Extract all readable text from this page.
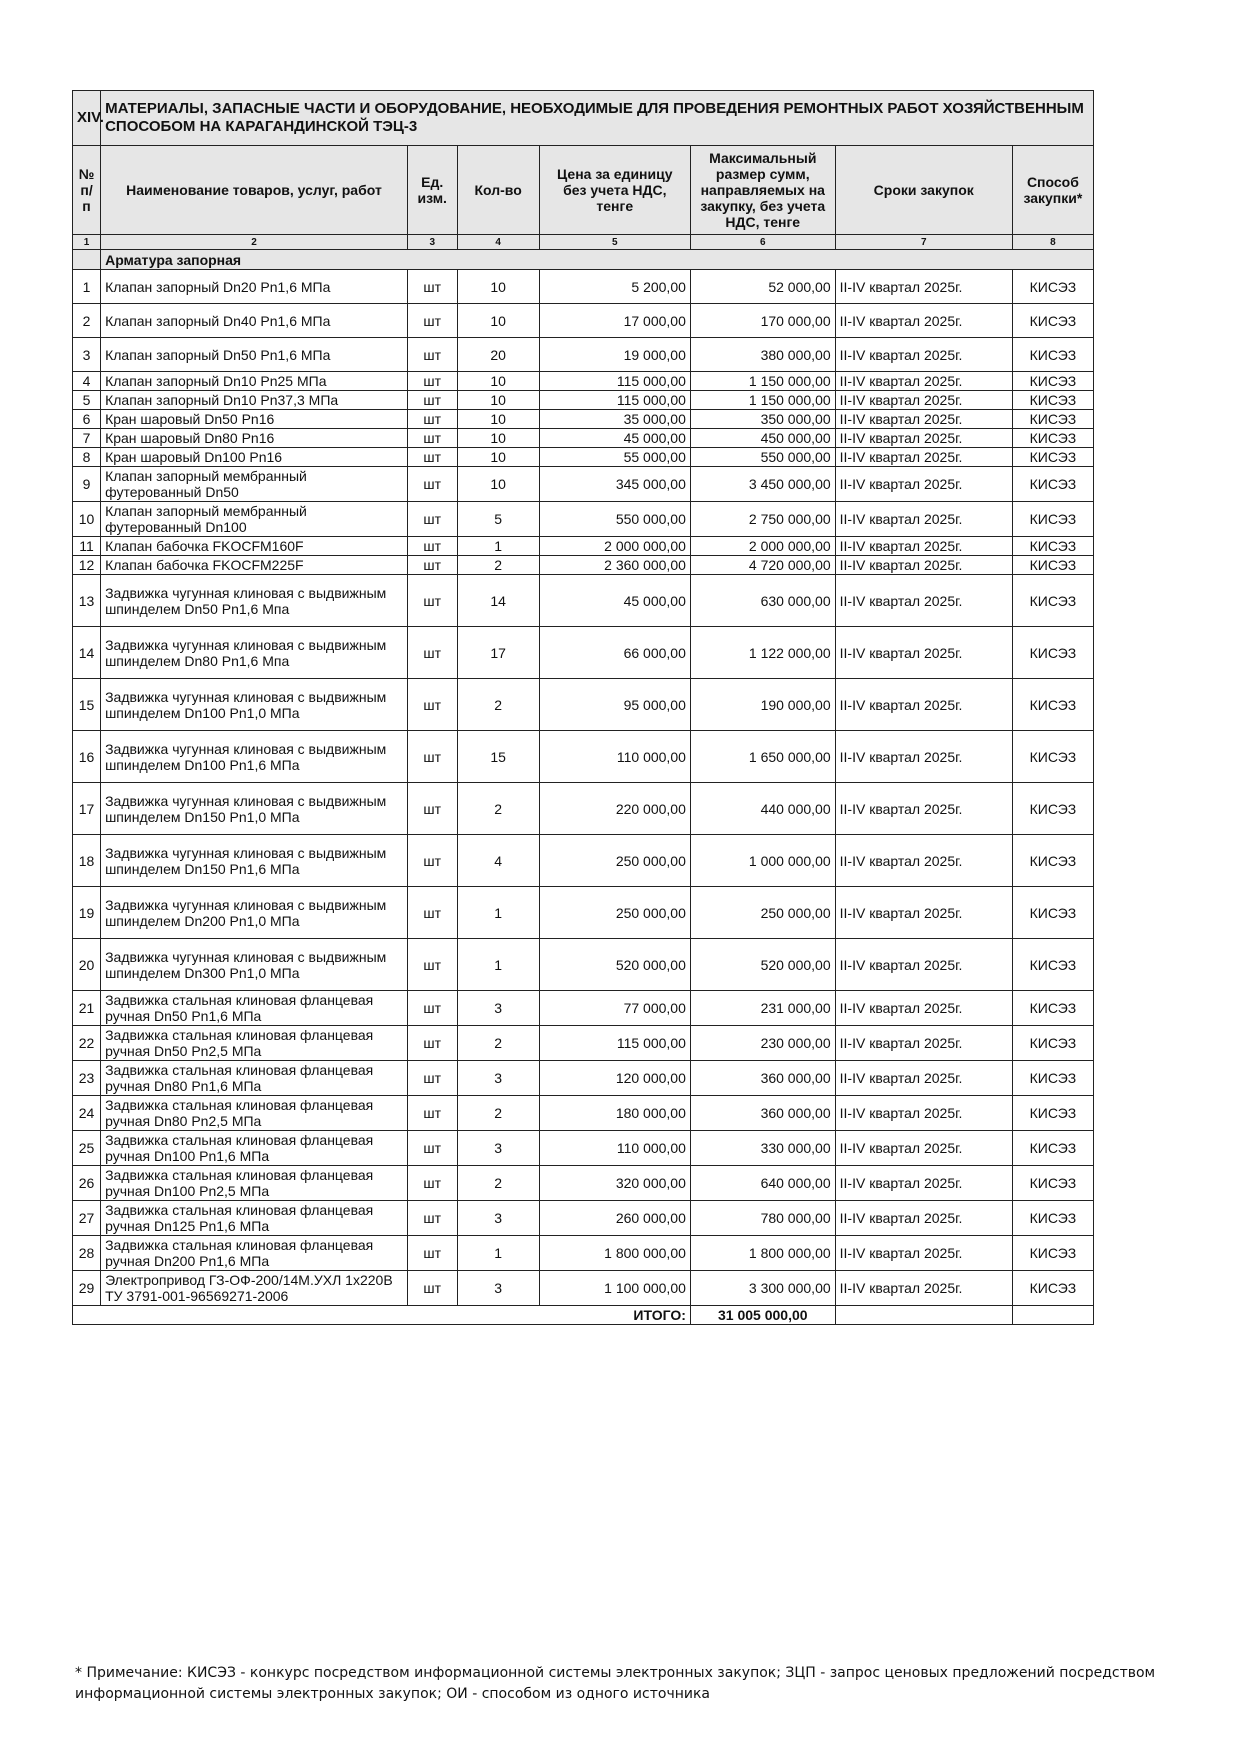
XIV.	МАТЕРИАЛЫ, ЗАПАСНЫЕ ЧАСТИ И ОБОРУДОВАНИЕ, НЕОБХОДИМЫЕ ДЛЯ ПРОВЕДЕНИЯ РЕМОНТНЫХ РАБОТ ХОЗЯЙСТВЕННЫМ СПОСОБОМ НА КАРАГАНДИНСКОЙ ТЭЦ-3						
№ п/п	Наименование товаров, услуг, работ	Ед. изм.	Кол-во	Цена за единицу без учета НДС, тенге	Максимальный размер сумм, направляемых на закупку, без учета НДС, тенге	Сроки закупок	Способ закупки*
1	2	3	4	5	6	7	8
	Арматура запорная						
1	Клапан запорный Dn20 Рn1,6 МПа	шт	10	5 200,00	52 000,00	II-IV квартал 2025г.	КИСЭЗ
2	Клапан запорный Dn40 Рn1,6 МПа	шт	10	17 000,00	170 000,00	II-IV квартал 2025г.	КИСЭЗ
3	Клапан запорный Dn50 Рn1,6 МПа	шт	20	19 000,00	380 000,00	II-IV квартал 2025г.	КИСЭЗ
4	Клапан запорный Dn10 Рn25 МПа	шт	10	115 000,00	1 150 000,00	II-IV квартал 2025г.	КИСЭЗ
5	Клапан запорный Dn10 Рn37,3 МПа	шт	10	115 000,00	1 150 000,00	II-IV квартал 2025г.	КИСЭЗ
6	Кран шаровый Dn50 Рn16	шт	10	35 000,00	350 000,00	II-IV квартал 2025г.	КИСЭЗ
7	Кран шаровый Dn80 Рn16	шт	10	45 000,00	450 000,00	II-IV квартал 2025г.	КИСЭЗ
8	Кран шаровый Dn100 Рn16	шт	10	55 000,00	550 000,00	II-IV квартал 2025г.	КИСЭЗ
9	Клапан запорный мембранный футерованный Dn50	шт	10	345 000,00	3 450 000,00	II-IV квартал 2025г.	КИСЭЗ
10	Клапан запорный мембранный футерованный Dn100	шт	5	550 000,00	2 750 000,00	II-IV квартал 2025г.	КИСЭЗ
11	Клапан бабочка FKOCFM160F	шт	1	2 000 000,00	2 000 000,00	II-IV квартал 2025г.	КИСЭЗ
12	Клапан бабочка FKOCFM225F	шт	2	2 360 000,00	4 720 000,00	II-IV квартал 2025г.	КИСЭЗ
13	Задвижка чугунная клиновая с выдвижным шпинделем Dn50 Рn1,6 Мпа	шт	14	45 000,00	630 000,00	II-IV квартал 2025г.	КИСЭЗ
14	Задвижка чугунная клиновая с выдвижным шпинделем Dn80 Рn1,6 Мпа	шт	17	66 000,00	1 122 000,00	II-IV квартал 2025г.	КИСЭЗ
15	Задвижка чугунная клиновая с выдвижным шпинделем Dn100 Рn1,0 МПа	шт	2	95 000,00	190 000,00	II-IV квартал 2025г.	КИСЭЗ
16	Задвижка чугунная клиновая с выдвижным шпинделем Dn100 Рn1,6 МПа	шт	15	110 000,00	1 650 000,00	II-IV квартал 2025г.	КИСЭЗ
17	Задвижка чугунная клиновая с выдвижным шпинделем Dn150 Рn1,0 МПа	шт	2	220 000,00	440 000,00	II-IV квартал 2025г.	КИСЭЗ
18	Задвижка чугунная клиновая с выдвижным шпинделем Dn150 Рn1,6 МПа	шт	4	250 000,00	1 000 000,00	II-IV квартал 2025г.	КИСЭЗ
19	Задвижка чугунная клиновая с выдвижным шпинделем Dn200 Рn1,0 МПа	шт	1	250 000,00	250 000,00	II-IV квартал 2025г.	КИСЭЗ
20	Задвижка чугунная клиновая с выдвижным шпинделем Dn300 Рn1,0 МПа	шт	1	520 000,00	520 000,00	II-IV квартал 2025г.	КИСЭЗ
21	Задвижка стальная клиновая фланцевая ручная Dn50 Рn1,6 МПа	шт	3	77 000,00	231 000,00	II-IV квартал 2025г.	КИСЭЗ
22	Задвижка стальная клиновая фланцевая ручная Dn50 Рn2,5 МПа	шт	2	115 000,00	230 000,00	II-IV квартал 2025г.	КИСЭЗ
23	Задвижка стальная клиновая фланцевая ручная Dn80 Рn1,6 МПа	шт	3	120 000,00	360 000,00	II-IV квартал 2025г.	КИСЭЗ
24	Задвижка стальная клиновая фланцевая ручная Dn80 Рn2,5 МПа	шт	2	180 000,00	360 000,00	II-IV квартал 2025г.	КИСЭЗ
25	Задвижка стальная клиновая фланцевая ручная Dn100 Рn1,6 МПа	шт	3	110 000,00	330 000,00	II-IV квартал 2025г.	КИСЭЗ
26	Задвижка стальная клиновая фланцевая ручная Dn100 Рn2,5 МПа	шт	2	320 000,00	640 000,00	II-IV квартал 2025г.	КИСЭЗ
27	Задвижка стальная клиновая фланцевая ручная Dn125 Рn1,6 МПа	шт	3	260 000,00	780 000,00	II-IV квартал 2025г.	КИСЭЗ
28	Задвижка стальная клиновая фланцевая ручная Dn200 Рn1,6 МПа	шт	1	1 800 000,00	1 800 000,00	II-IV квартал 2025г.	КИСЭЗ
29	Электропривод ГЗ-ОФ-200/14М.УХЛ 1х220В ТУ 3791-001-96569271-2006	шт	3	1 100 000,00	3 300 000,00	II-IV квартал 2025г.	КИСЭЗ
ИТОГО:					31 005 000,00		
* Примечание: КИСЭЗ - конкурс посредством информационной системы электронных закупок; ЗЦП - запрос ценовых предложений посредством информационной системы электронных закупок; ОИ - способом из одного источника
